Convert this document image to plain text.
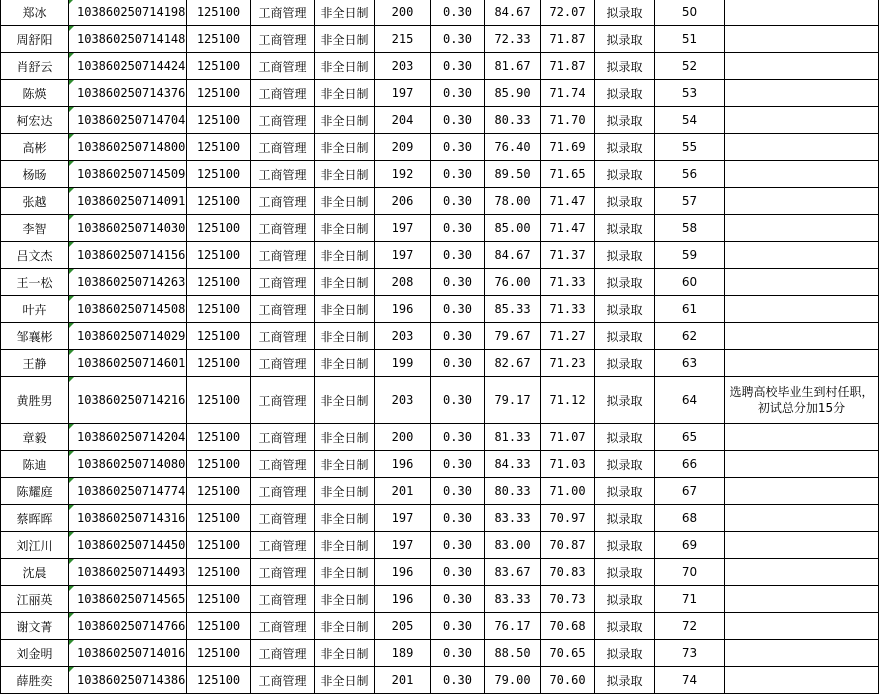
郑冰	103860250714198	125100	工商管理	非全日制	200	0.30	84.67	72.07	拟录取	50	
周舒阳	103860250714148	125100	工商管理	非全日制	215	0.30	72.33	71.87	拟录取	51	
肖舒云	103860250714424	125100	工商管理	非全日制	203	0.30	81.67	71.87	拟录取	52	
陈煐	103860250714376	125100	工商管理	非全日制	197	0.30	85.90	71.74	拟录取	53	
柯宏达	103860250714704	125100	工商管理	非全日制	204	0.30	80.33	71.70	拟录取	54	
高彬	103860250714800	125100	工商管理	非全日制	209	0.30	76.40	71.69	拟录取	55	
杨旸	103860250714509	125100	工商管理	非全日制	192	0.30	89.50	71.65	拟录取	56	
张越	103860250714091	125100	工商管理	非全日制	206	0.30	78.00	71.47	拟录取	57	
李智	103860250714030	125100	工商管理	非全日制	197	0.30	85.00	71.47	拟录取	58	
吕文杰	103860250714156	125100	工商管理	非全日制	197	0.30	84.67	71.37	拟录取	59	
王一松	103860250714263	125100	工商管理	非全日制	208	0.30	76.00	71.33	拟录取	60	
叶卉	103860250714508	125100	工商管理	非全日制	196	0.30	85.33	71.33	拟录取	61	
邹襄彬	103860250714029	125100	工商管理	非全日制	203	0.30	79.67	71.27	拟录取	62	
王静	103860250714601	125100	工商管理	非全日制	199	0.30	82.67	71.23	拟录取	63	
黄胜男	103860250714216	125100	工商管理	非全日制	203	0.30	79.17	71.12	拟录取	64	选聘高校毕业生到村任职，初试总分加15分
章毅	103860250714204	125100	工商管理	非全日制	200	0.30	81.33	71.07	拟录取	65	
陈迪	103860250714080	125100	工商管理	非全日制	196	0.30	84.33	71.03	拟录取	66	
陈耀庭	103860250714774	125100	工商管理	非全日制	201	0.30	80.33	71.00	拟录取	67	
蔡晖晖	103860250714316	125100	工商管理	非全日制	197	0.30	83.33	70.97	拟录取	68	
刘江川	103860250714450	125100	工商管理	非全日制	197	0.30	83.00	70.87	拟录取	69	
沈晨	103860250714493	125100	工商管理	非全日制	196	0.30	83.67	70.83	拟录取	70	
江丽英	103860250714565	125100	工商管理	非全日制	196	0.30	83.33	70.73	拟录取	71	
谢文菁	103860250714766	125100	工商管理	非全日制	205	0.30	76.17	70.68	拟录取	72	
刘金明	103860250714016	125100	工商管理	非全日制	189	0.30	88.50	70.65	拟录取	73	
薛胜奕	103860250714386	125100	工商管理	非全日制	201	0.30	79.00	70.60	拟录取	74	
